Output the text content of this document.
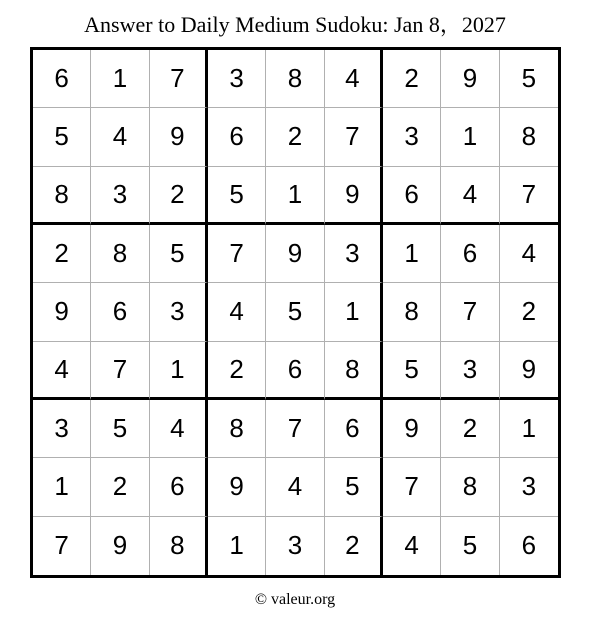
Answer to Daily Medium Sudoku: Jan 8，2027
6	1	7	3	8	4	2	9	5
5	4	9	6	2	7	3	1	8
8	3	2	5	1	9	6	4	7
2	8	5	7	9	3	1	6	4
9	6	3	4	5	1	8	7	2
4	7	1	2	6	8	5	3	9
3	5	4	8	7	6	9	2	1
1	2	6	9	4	5	7	8	3
7	9	8	1	3	2	4	5	6
© valeur.org
